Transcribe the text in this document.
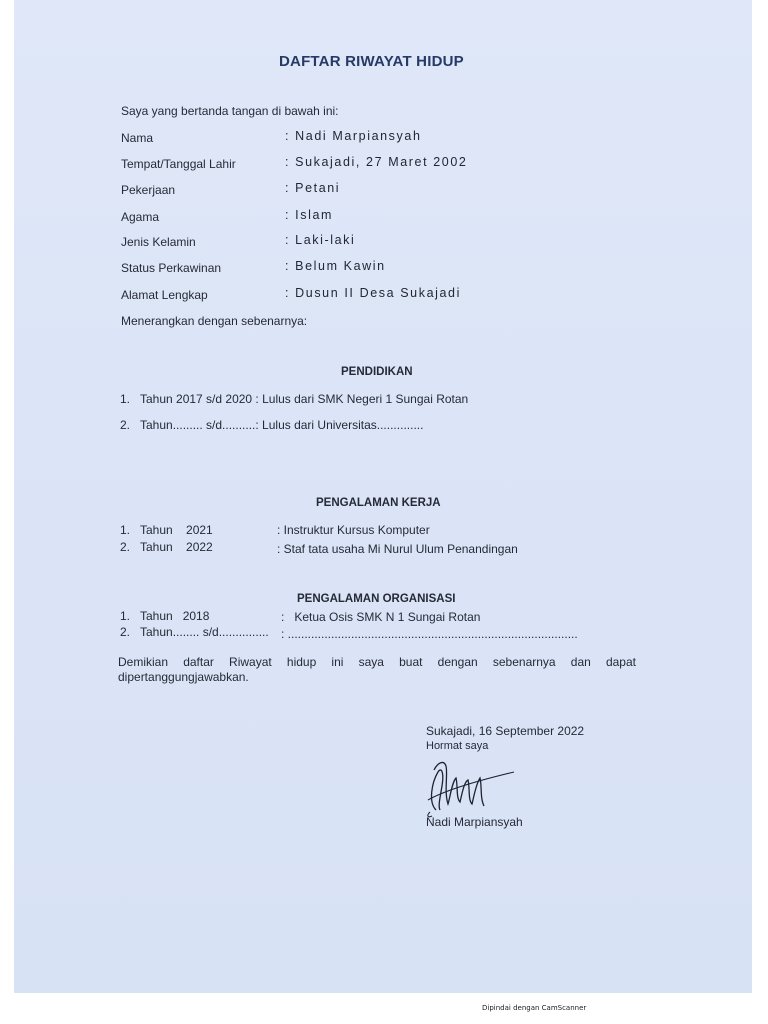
DAFTAR RIWAYAT HIDUP
Saya yang bertanda tangan di bawah ini:
Nama	: Nadi Marpiansyah
Tempat/Tanggal Lahir	: Sukajadi, 27 Maret 2002
Pekerjaan	: Petani
Agama	: Islam
Jenis Kelamin	: Laki-laki
Status Perkawinan	: Belum Kawin
Alamat Lengkap	: Dusun II Desa Sukajadi
Menerangkan dengan sebenarnya:
PENDIDIKAN
1. Tahun 2017 s/d 2020 : Lulus dari SMK Negeri 1 Sungai Rotan
2. Tahun......... s/d..........: Lulus dari Universitas..............
PENGALAMAN KERJA
1. Tahun    2021	: Instruktur Kursus Komputer
2. Tahun    2022	: Staf tata usaha Mi Nurul Ulum Penandingan
PENGALAMAN ORGANISASI
1. Tahun   2018	:   Ketua Osis SMK N 1 Sungai Rotan
2. Tahun........ s/d............... : .......................................................................................
Demikian daftar Riwayat hidup ini saya buat dengan sebenarnya dan dapat
dipertanggungjawabkan.
Sukajadi, 16 September 2022
Hormat saya
Nadi Marpiansyah
Dipindai dengan CamScanner
